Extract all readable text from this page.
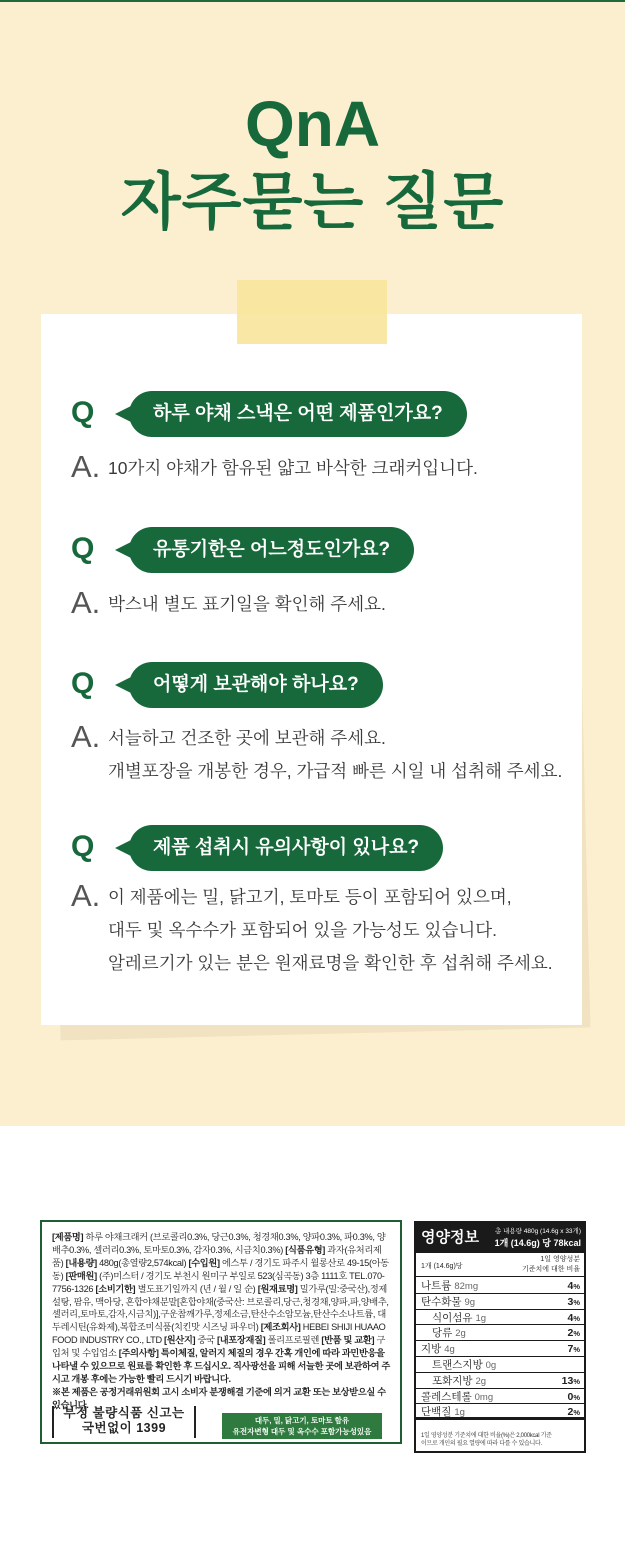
QnA
자주묻는 질문
Q	하루 야채 스낵은 어떤 제품인가요?
A. 10가지 야채가 함유된 얇고 바삭한 크래커입니다.
Q	유통기한은 어느정도인가요?
A. 박스내 별도 표기일을 확인해 주세요.
Q	어떻게 보관해야 하나요?
A. 서늘하고 건조한 곳에 보관해 주세요.
개별포장을 개봉한 경우, 가급적 빠른 시일 내 섭취해 주세요.
Q	제품 섭취시 유의사항이 있나요?
A. 이 제품에는 밀, 닭고기, 토마토 등이 포함되어 있으며,
대두 및 옥수수가 포함되어 있을 가능성도 있습니다.
알레르기가 있는 분은 원재료명을 확인한 후 섭취해 주세요.
[제품명] 하루 야채크래커 (브로콜리0.3%, 당근0.3%, 청경채0.3%, 양파0.3%, 파0.3%, 양배추0.3%, 셀러리0.3%, 토마토0.3%, 감자0.3%, 시금치0.3%) [식품유형] 과자(유처리제품) [내용량] 480g(총열량2,574kcal) [수입원] 에스투 / 경기도 파주시 월롱산로 49-15(아동동) [판매원] (주)미스터 / 경기도 부천시 원미구 부일로 523(심곡동) 3층 1111호 TEL.070-7756-1326 [소비기한] 별도표기일까지 (년 / 월 / 일 순) [원재료명] 밀가루(밀:중국산),정제설탕, 팜유, 맥아당, 혼합야채분말[혼합야채(중국산: 브로콜리,당근,청경채,양파,파,양배추,셀러리,토마토,감자,시금치)],구운참깨가루,정제소금,탄산수소암모늄,탄산수소나트륨, 대두레시틴(유화제),복합조미식품(치킨맛 시즈닝 파우더) [제조회사] HEBEI SHIJI HUAAO FOOD INDUSTRY CO., LTD [원산지] 중국 [내포장재질] 폴리프로필렌 [반품 및 교환] 구입처 및 수입업소 [주의사항] 특이체질, 알러지 체질의 경우 간혹 개인에 따라 과민반응을 나타낼 수 있으므로 원료를 확인한 후 드십시오. 직사광선을 피해 서늘한 곳에 보관하여 주시고 개봉 후에는 가능한 빨리 드시기 바랍니다.
※본 제품은 공정거래위원회 고시 소비자 분쟁해결 기준에 의거 교환 또는 보상받으실 수 있습니다.
부정 불량식품 신고는
국번없이 1399
대두, 밀, 닭고기, 토마토 함유
유전자변형 대두 및 옥수수 포함가능성있음
영양정보 총 내용량 480g (14.6g x 33개)
1개 (14.6g) 당 78kcal
1개 (14.6g)당
1일 영양성분
기준치에 대한 비율
나트륨 82mg	4%
탄수화물 9g	3%
식이섬유 1g	4%
당류 2g	2%
지방 4g	7%
트랜스지방 0g
포화지방 2g	13%
콜레스테롤 0mg	0%
단백질 1g	2%
1일 영양성분 기준치에 대한 비율(%)은 2,000kcal 기준
이므로 개인의 필요 열량에 따라 다를 수 있습니다.
